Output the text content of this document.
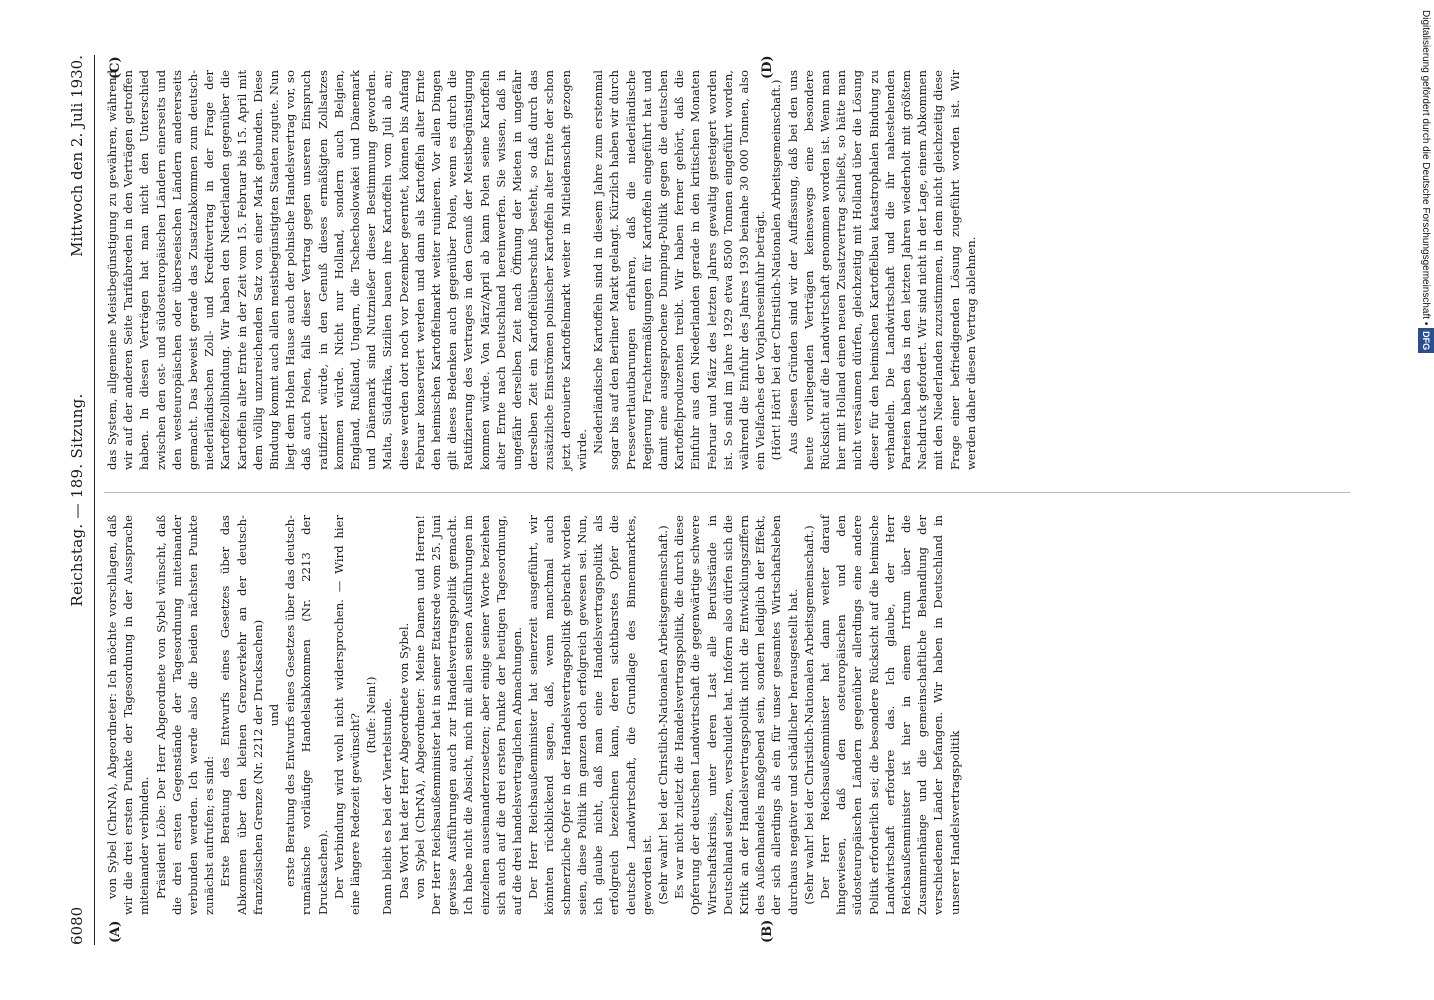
6080
Reichstag. — 189. Sitzung.
Mittwoch den 2. Juli 1930.
(A)	(B)
(C)	(D)

von Sybel (ChrNA), Abgeordneter: Ich möchte vorschlagen, daß wir die drei ersten Punkte der Tagesordnung in der Aussprache miteinander verbinden. Präsident Löbe: Der Herr Abgeordnete von Sybel wünscht, daß die drei ersten Gegenstände der Tagesordnung miteinander verbunden werden. Ich werde also die beiden nächsten Punkte zunächst aufrufen; es sind: Erste Beratung des Entwurfs eines Gesetzes über das Abkommen über den kleinen Grenzverkehr an der deutsch-französischen Grenze (Nr. 2212 der Drucksachen) und erste Beratung des Entwurfs eines Gesetzes über das deutsch-rumänische vorläufige Handelsabkommen (Nr. 2213 der Drucksachen). Der Verbindung wird wohl nicht widersprochen. — Wird hier eine längere Redezeit gewünscht? (Rufe: Nein!) Dann bleibt es bei der Viertelstunde. Das Wort hat der Herr Abgeordnete von Sybel. von Sybel (ChrNA), Abgeordneter: Meine Damen und Herren! Der Herr Reichsaußenminister hat in seiner Etatsrede vom 25. Juni gewisse Ausführungen auch zur Handelsvertragspolitik gemacht. Ich habe nicht die Absicht, mich mit allen seinen Ausführungen im einzelnen auseinanderzusetzen; aber einige seiner Worte beziehen sich auch auf die drei ersten Punkte der heutigen Tagesordnung, auf die drei handelsvertraglichen Abmachungen. Der Herr Reichsaußenminister hat seinerzeit ausgeführt, wir könnten rückblickend sagen, daß, wenn manchmal auch schmerzliche Opfer in der Handelsvertragspolitik gebracht worden seien, diese Politik im ganzen doch erfolgreich gewesen sei. Nun, ich glaube nicht, daß man eine Handelsvertragspolitik als erfolgreich bezeichnen kann, deren sichtbarstes Opfer die deutsche Landwirtschaft, die Grundlage des Binnenmarktes, geworden ist. (Sehr wahr! bei der Christlich-Nationalen Arbeitsgemeinschaft.) Es war nicht zuletzt die Handelsvertragspolitik, die durch diese Opferung der deutschen Landwirtschaft die gegenwärtige schwere Wirtschaftskrisis, unter deren Last alle Berufsstände in Deutschland seufzen, verschuldet hat. Infofern also dürfen sich die Kritik an der Handelsvertragspolitik nicht die Entwicklungsziffern des Außenhandels maßgebend sein, sondern lediglich der Effekt, der sich allerdings als ein für unser gesamtes Wirtschaftsleben durchaus negativer und schädlicher herausgestellt hat. (Sehr wahr! bei der Christlich-Nationalen Arbeitsgemeinschaft.) Der Herr Reichsaußenminister hat dann weiter darauf hingewiesen, daß den osteuropäischen und den südosteuropäischen Ländern gegenüber allerdings eine andere Politik erforderlich sei; die besondere Rücksicht auf die heimische Landwirtschaft erfordere das. Ich glaube, der Herr Reichsaußenminister ist hier in einem Irrtum über die Zusammenhänge und die gemeinschaftliche Behandlung der verschiedenen Länder befangen. Wir haben in Deutschland in unserer Handelsvertragspolitik

das System, allgemeine Meistbegünstigung zu gewähren, während wir auf der anderen Seite Tarifabreden in den Verträgen getroffen haben. In diesen Verträgen hat man nicht den Unterschied zwischen den ost- und südosteuropäischen Ländern einerseits und den westeuropäischen oder überseeischen Ländern andererseits gemacht. Das beweist gerade das Zusatzabkommen zum deutsch-niederländischen Zoll- und Kreditvertrag in der Frage der Kartoffelzollbindung. Wir haben den Niederlanden gegenüber die Kartoffeln alter Ernte in der Zeit vom 15. Februar bis 15. April mit dem völlig unzureichenden Satz von einer Mark gebunden. Diese Bindung kommt auch allen meistbegünstigten Staaten zugute. Nun liegt dem Hohen Hause auch der polnische Handelsvertrag vor, so daß auch Polen, falls dieser Vertrag gegen unseren Einspruch ratifiziert würde, in den Genuß dieses ermäßigten Zollsatzes kommen würde. Nicht nur Holland, sondern auch Belgien, England, Rußland, Ungarn, die Tschechoslowakei und Dänemark und Dänemark sind Nutznießer dieser Bestimmung geworden. Malta, Südafrika, Sizilien bauen ihre Kartoffeln vom Juli ab an; diese werden dort noch vor Dezember geerntet, können bis Anfang Februar konserviert werden und dann als Kartoffeln alter Ernte den heimischen Kartoffelmarkt weiter ruinieren. Vor allen Dingen gilt dieses Bedenken auch gegenüber Polen, wenn es durch die Ratifizierung des Vertrages in den Genuß der Meistbegünstigung kommen würde. Von März/April ab kann Polen seine Kartoffeln alter Ernte nach Deutschland hereinwerfen. Sie wissen, daß in ungefähr derselben Zeit nach Öffnung der Mieten in ungefähr derselben Zeit ein Kartoffelüberschuß besteht, so daß durch das zusätzliche Einströmen polnischer Kartoffeln alter Ernte der schon jetzt derouierte Kartoffelmarkt weiter in Mitleidenschaft gezogen würde. Niederländische Kartoffeln sind in diesem Jahre zum erstenmal sogar bis auf den Berliner Markt gelangt. Kürzlich haben wir durch Pressevertlautbarungen erfahren, daß die niederländische Regierung Frachtermäßigungen für Kartoffeln eingeführt hat und damit eine ausgesprochene Dumping-Politik gegen die deutschen Kartoffelproduzenten treibt. Wir haben ferner gehört, daß die Einfuhr aus den Niederlanden gerade in den kritischen Monaten Februar und März des letzten Jahres gewaltig gesteigert worden ist. So sind im Jahre 1929 etwa 8500 Tonnen eingeführt worden, während die Einfuhr des Jahres 1930 beinahe 30 000 Tonnen, also ein Vielfaches der Vorjahreseinfuhr beträgt. (Hört! Hört! bei der Christlich-Nationalen Arbeitsgemeinschaft.) Aus diesen Gründen sind wir der Auffassung, daß bei den uns heute vorliegenden Verträgen keineswegs eine besondere Rücksicht auf die Landwirtschaft genommen worden ist. Wenn man hier mit Holland einen neuen Zusatzvertrag schließt, so hätte man nicht versäumen dürfen, gleichzeitig mit Holland über die Lösung dieser für den heimischen Kartoffelbau katastrophalen Bindung zu verhandeln. Die Landwirtschaft und die ihr nahestehenden Parteien haben das in den letzten Jahren wiederholt mit größtem Nachdruck gefordert. Wir sind nicht in der Lage, einem Abkommen mit den Niederlanden zuzustimmen, in dem nicht gleichzeitig diese Frage einer befriedigenden Lösung zugeführt worden ist. Wir werden daher diesen Vertrag ablehnen.

Digitalisierung gefördert durch die Deutsche Forschungsgemeinschaft • DFG
